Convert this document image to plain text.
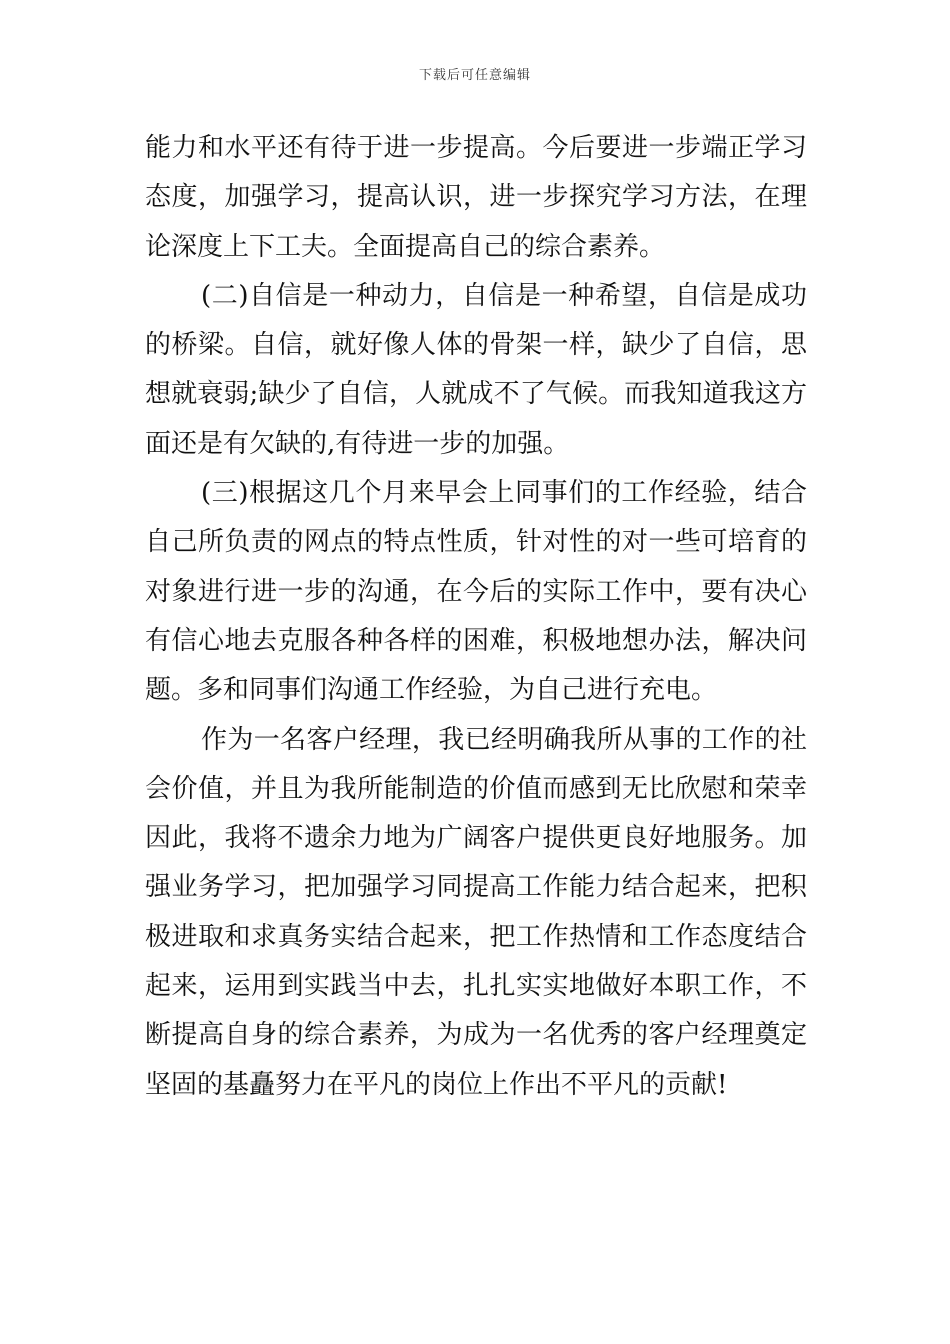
下载后可任意编辑
能力和水平还有待于进一步提高。今后要进一步端正学习
态度，加强学习，提高认识，进一步探究学习方法，在理
论深度上下工夫。全面提高自己的综合素养。
(二)自信是一种动力，自信是一种希望，自信是成功
的桥梁。自信，就好像人体的骨架一样，缺少了自信，思
想就衰弱;缺少了自信，人就成不了气候。而我知道我这方
面还是有欠缺的,有待进一步的加强。
(三)根据这几个月来早会上同事们的工作经验，结合
自己所负责的网点的特点性质，针对性的对一些可培育的
对象进行进一步的沟通，在今后的实际工作中，要有决心
有信心地去克服各种各样的困难，积极地想办法，解决问
题。多和同事们沟通工作经验，为自己进行充电。
作为一名客户经理，我已经明确我所从事的工作的社
会价值，并且为我所能制造的价值而感到无比欣慰和荣幸
因此，我将不遗余力地为广阔客户提供更良好地服务。加
强业务学习，把加强学习同提高工作能力结合起来，把积
极进取和求真务实结合起来，把工作热情和工作态度结合
起来，运用到实践当中去，扎扎实实地做好本职工作，不
断提高自身的综合素养，为成为一名优秀的客户经理奠定
坚固的基矗努力在平凡的岗位上作出不平凡的贡献!
